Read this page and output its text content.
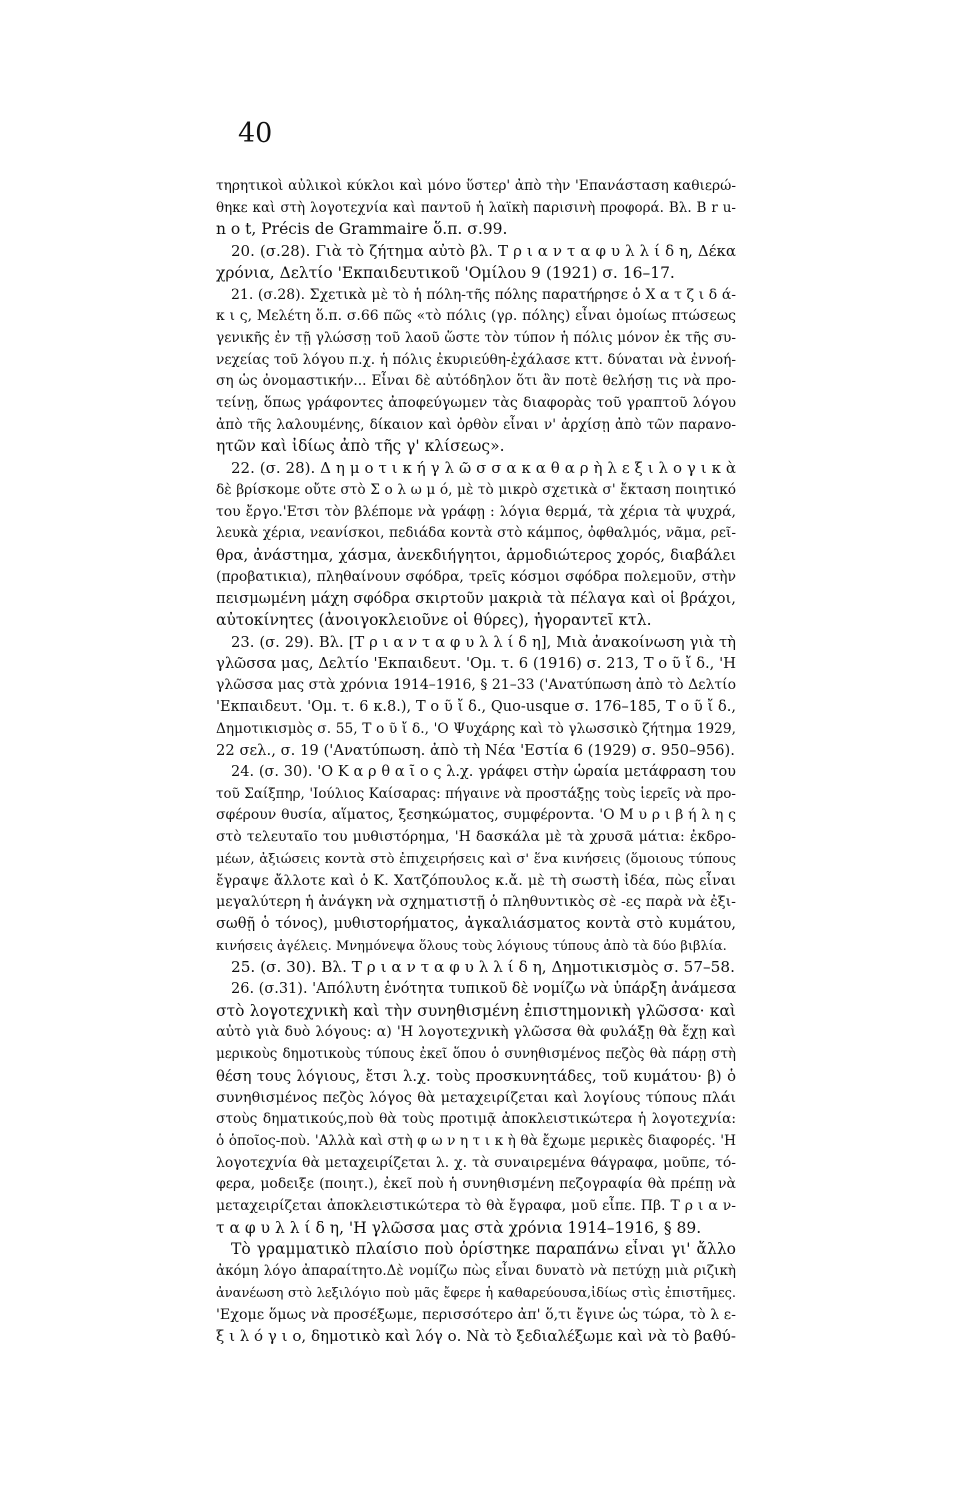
40
τηρητικοὶ αὐλικοὶ κύκλοι καὶ μόνο ὕστερ' ἀπὸ τὴν 'Επανάσταση καθιερώ-
θηκε καὶ στὴ λογοτεχνία καὶ παντοῦ ἡ λαϊκὴ παρισινὴ προφορά. Βλ. B r u-
n o t, Précis de Grammaire ὅ.π. σ.99.
20. (σ.28). Γιὰ τὸ ζήτημα αὐτὸ βλ. Τ ρ ι α ν τ α φ υ λ λ ί δ η, Δέκα
χρόνια, Δελτίο 'Εκπαιδευτικοῦ 'Ομίλου 9 (1921) σ. 16–17.
21. (σ.28). Σχετικὰ μὲ τὸ ἡ πόλη-τῆς πόλης παρατήρησε ὁ Χ α τ ζ ι δ ά-
κ ι ς, Μελέτη ὅ.π. σ.66 πῶς «τὸ πόλις (γρ. πόλης) εἶναι ὁμοίως πτώσεως
γενικῆς ἐν τῇ γλώσσῃ τοῦ λαοῦ ὥστε τὸν τύπον ἡ πόλις μόνον ἐκ τῆς συ-
νεχείας τοῦ λόγου π.χ. ἡ πόλις ἐκυριεύθη-ἐχάλασε κττ. δύναται νὰ ἐννοή-
ση ὡς ὀνομαστικήν... Εἶναι δὲ αὐτόδηλον ὅτι ἂν ποτὲ θελήσῃ τις νὰ προ-
τείνῃ, ὅπως γράφοντες ἀποφεύγωμεν τὰς διαφορὰς τοῦ γραπτοῦ λόγου
ἀπὸ τῆς λαλουμένης, δίκαιον καὶ ὀρθὸν εἶναι ν' ἀρχίσῃ ἀπὸ τῶν παρανο-
ητῶν καὶ ἰδίως ἀπὸ τῆς γ' κλίσεως».
22. (σ. 28). Δ η μ ο τ ι κ ή γ λ ῶ σ σ α κ α θ α ρ ὴ λ ε ξ ι λ ο γ ι κ ὰ
δὲ βρίσκομε οὔτε στὸ Σ ο λ ω μ ό, μὲ τὸ μικρὸ σχετικὰ σ' ἔκταση ποιητικό
του ἔργο.'Ετσι τὸν βλέπομε νὰ γράφῃ : λόγια θερμά, τὰ χέρια τὰ ψυχρά,
λευκὰ χέρια, νεανίσκοι, πεδιάδα κοντὰ στὸ κάμπος, ὀφθαλμός, νᾶμα, ρεῖ-
θρα, ἀνάστημα, χάσμα, ἀνεκδιήγητοι, ἁρμοδιώτερος χορός, διαβάλει
(προβατικια), πληθαίνουν σφόδρα, τρεῖς κόσμοι σφόδρα πολεμοῦν, στὴν
πεισμωμένη μάχη σφόδρα σκιρτοῦν μακριὰ τὰ πέλαγα καὶ οἱ βράχοι,
αὐτοκίνητες (ἀνοιγοκλειοῦνε οἱ θύρες), ἠγοραντεῖ κτλ.
23. (σ. 29). Βλ. [Τ ρ ι α ν τ α φ υ λ λ ί δ η], Μιὰ ἀνακοίνωση γιὰ τὴ
γλῶσσα μας, Δελτίο 'Εκπαιδευτ. 'Ομ. τ. 6 (1916) σ. 213, Τ ο ῦ ἴ δ., 'Η
γλῶσσα μας στὰ χρόνια 1914–1916, § 21–33 ('Ανατύπωση ἀπὸ τὸ Δελτίο
'Εκπαιδευτ. 'Ομ. τ. 6 κ.8.), Τ ο ῦ ἴ δ., Quo-usque σ. 176–185, Τ ο ῦ ἴ δ.,
Δημοτικισμὸς σ. 55, Τ ο ῦ ἴ δ., 'Ο Ψυχάρης καὶ τὸ γλωσσικὸ ζήτημα 1929,
22 σελ., σ. 19 ('Ανατύπωση. ἀπὸ τὴ Νέα 'Εστία 6 (1929) σ. 950–956).
24. (σ. 30). 'Ο Κ α ρ θ α ῖ ο ς λ.χ. γράφει στὴν ὡραία μετάφραση του
τοῦ Σαίξπηρ, 'Ιούλιος Καίσαρας: πήγαινε νὰ προστάξῃς τοὺς ἱερεῖς νὰ προ-
σφέρουν θυσία, αἵματος, ξεσηκώματος, συμφέροντα. 'Ο Μ υ ρ ι β ή λ η ς
στὸ τελευταῖο του μυθιστόρημα, 'Η δασκάλα μὲ τὰ χρυσᾶ μάτια: ἐκδρο-
μέων, ἀξιώσεις κοντὰ στὸ ἐπιχειρήσεις καὶ σ' ἕνα κινήσεις (ὅμοιους τύπους
ἔγραψε ἄλλοτε καὶ ὁ Κ. Χατζόπουλος κ.ἄ. μὲ τὴ σωστὴ ἰδέα, πὼς εἶναι
μεγαλύτερη ἡ ἀνάγκη νὰ σχηματιστῇ ὁ πληθυντικὸς σὲ -ες παρὰ νὰ ἐξι-
σωθῇ ὁ τόνος), μυθιστορήματος, ἀγκαλιάσματος κοντὰ στὸ κυμάτου,
κινήσεις ἀγέλεις. Μνημόνεψα ὅλους τοὺς λόγιους τύπους ἀπὸ τὰ δύο βιβλία.
25. (σ. 30). Βλ. Τ ρ ι α ν τ α φ υ λ λ ί δ η, Δημοτικισμὸς σ. 57–58.
26. (σ.31). 'Απόλυτη ἑνότητα τυπικοῦ δὲ νομίζω νὰ ὑπάρξη ἀνάμεσα
στὸ λογοτεχνικὴ καὶ τὴν συνηθισμένη ἐπιστημονικὴ γλῶσσα· καὶ
αὐτὸ γιὰ δυὸ λόγους: α) 'Η λογοτεχνικὴ γλῶσσα θὰ φυλάξῃ θὰ ἔχῃ καὶ
μερικοὺς δημοτικοὺς τύπους ἐκεῖ ὅπου ὁ συνηθισμένος πεζὸς θὰ πάρῃ στὴ
θέση τους λόγιους, ἔτσι λ.χ. τοὺς προσκυνητάδες, τοῦ κυμάτου· β) ὁ
συνηθισμένος πεζὸς λόγος θὰ μεταχειρίζεται καὶ λογίους τύπους πλάι
στοὺς δηματικούς,ποὺ θὰ τοὺς προτιμᾷ ἀποκλειστικώτερα ἡ λογοτεχνία:
ὁ ὁποῖος-ποὺ. 'Αλλὰ καὶ στὴ φ ω ν η τ ι κ ὴ θὰ ἔχωμε μερικὲς διαφορές. 'Η
λογοτεχνία θὰ μεταχειρίζεται λ. χ. τὰ συναιρεμένα θάγραφα, μοῦπε, τό-
φερα, μοδειξε (ποιητ.), ἐκεῖ ποὺ ἡ συνηθισμένη πεζογραφία θὰ πρέπῃ νὰ
μεταχειρίζεται ἀποκλειστικώτερα τὸ θὰ ἔγραφα, μοῦ εἶπε. Πβ. Τ ρ ι α ν-
τ α φ υ λ λ ί δ η, 'Η γλῶσσα μας στὰ χρόνια 1914–1916, § 89.
Τὸ γραμματικὸ πλαίσιο ποὺ ὁρίστηκε παραπάνω εἶναι γι' ἄλλο
ἀκόμη λόγο ἀπαραίτητο.Δὲ νομίζω πὼς εἶναι δυνατὸ νὰ πετύχῃ μιὰ ριζικὴ
ἀνανέωση στὸ λεξιλόγιο ποὺ μᾶς ἔφερε ἡ καθαρεύουσα,ἰδίως στὶς ἐπιστῆμες.
'Εχομε ὅμως νὰ προσέξωμε, περισσότερο ἀπ' ὅ,τι ἔγινε ὡς τώρα, τὸ λ ε-
ξ ι λ ό γ ι ο, δημοτικὸ καὶ λόγ ο. Νὰ τὸ ξεδιαλέξωμε καὶ νὰ τὸ βαθύ-
